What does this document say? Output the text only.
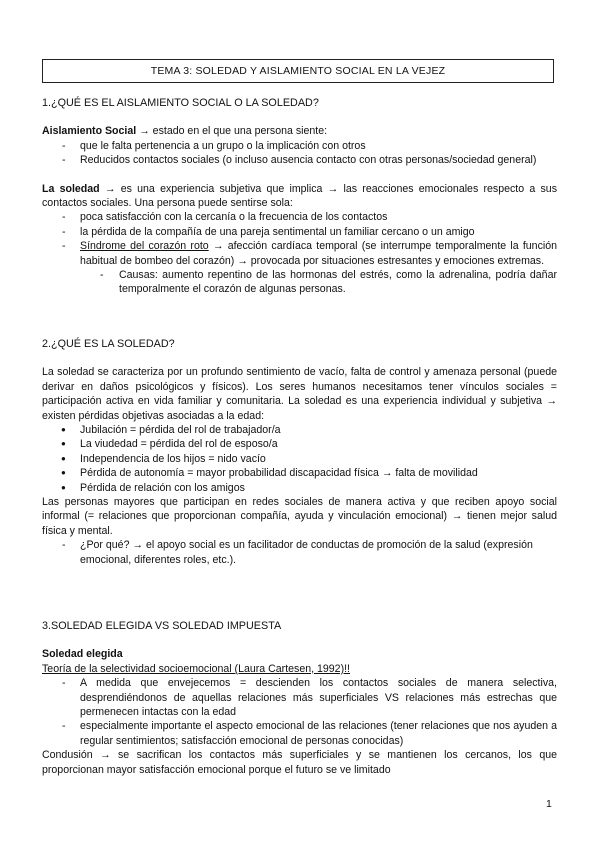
TEMA 3: SOLEDAD Y AISLAMIENTO SOCIAL EN LA VEJEZ
1.¿QUÉ ES EL AISLAMIENTO SOCIAL O LA SOLEDAD?

Aislamiento Social → estado en el que una persona siente:

- que le falta pertenencia a un grupo o la implicación con otros
- Reducidos contactos sociales (o incluso ausencia contacto con otras personas/sociedad general)

La soledad → es una experiencia subjetiva que implica → las reacciones emocionales respecto a sus contactos sociales. Una persona puede sentirse sola:

- poca satisfacción con la cercanía o la frecuencia de los contactos
- la pérdida de la compañía de una pareja sentimental un familiar cercano o un amigo
- Síndrome del corazón roto → afección cardíaca temporal (se interrumpe temporalmente la función habitual de bombeo del corazón) → provocada por situaciones estresantes y emociones extremas.
- Causas: aumento repentino de las hormonas del estrés, como la adrenalina, podría dañar temporalmente el corazón de algunas personas.
2.¿QUÉ ES LA SOLEDAD?

La soledad se caracteriza por un profundo sentimiento de vacío, falta de control y amenaza personal (puede derivar en daños psicológicos y físicos). Los seres humanos necesitamos tener vínculos sociales = participación activa en vida familiar y comunitaria. La soledad es una experiencia individual y subjetiva → existen pérdidas objetivas asociadas a la edad:

● Jubilación = pérdida del rol de trabajador/a
● La viudedad = pérdida del rol de esposo/a
● Independencia de los hijos = nido vacío
● Pérdida de autonomía = mayor probabilidad discapacidad física → falta de movilidad
● Pérdida de relación con los amigos

Las personas mayores que participan en redes sociales de manera activa y que reciben apoyo social informal (= relaciones que proporcionan compañía, ayuda y vinculación emocional) → tienen mejor salud física y mental.

- ¿Por qué? → el apoyo social es un facilitador de conductas de promoción de la salud (expresión emocional, diferentes roles, etc.).
3.SOLEDAD ELEGIDA VS SOLEDAD IMPUESTA

Soledad elegida

Teoría de la selectividad socioemocional (Laura Cartesen, 1992)!!

- A medida que envejecemos = descienden los contactos sociales de manera selectiva, desprendiéndonos de aquellas relaciones más superficiales VS relaciones más estrechas que permenecen intactas con la edad
- especialmente importante el aspecto emocional de las relaciones (tener relaciones que nos ayuden a regular sentimientos; satisfacción emocional de personas conocidas)

Condusión → se sacrifican los contactos más superficiales y se mantienen los cercanos, los que proporcionan mayor satisfacción emocional porque el futuro se ve limitado

1
